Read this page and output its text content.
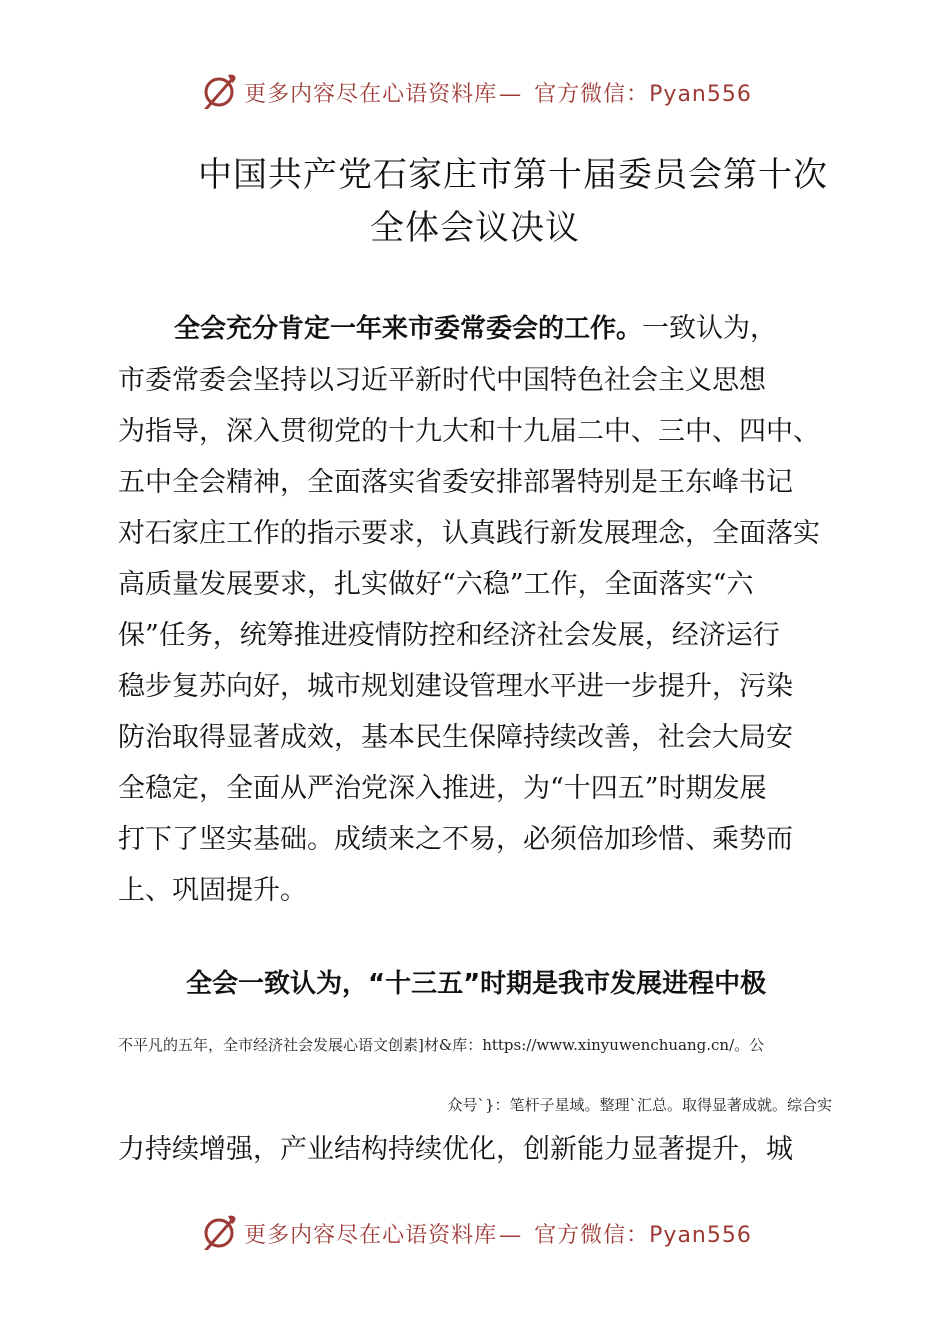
更多内容尽在心语资料库— 官方微信：Pyan556
中国共产党石家庄市第十届委员会第十次
全体会议决议
全会充分肯定一年来市委常委会的工作。一致认为，
市委常委会坚持以习近平新时代中国特色社会主义思想
为指导，深入贯彻党的十九大和十九届二中、三中、四中、
五中全会精神，全面落实省委安排部署特别是王东峰书记
对石家庄工作的指示要求，认真践行新发展理念，全面落实
高质量发展要求，扎实做好“六稳”工作，全面落实“六
保”任务，统筹推进疫情防控和经济社会发展，经济运行
稳步复苏向好，城市规划建设管理水平进一步提升，污染
防治取得显著成效，基本民生保障持续改善，社会大局安
全稳定，全面从严治党深入推进，为“十四五”时期发展
打下了坚实基础。成绩来之不易，必须倍加珍惜、乘势而
上、巩固提升。
全会一致认为，“十三五”时期是我市发展进程中极
不平凡的五年，全市经济社会发展心语文创素]材&库：https://www.xinyuwenchuang.cn/。公
众号`}：笔杆子星域。整理`汇总。取得显著成就。综合实
力持续增强，产业结构持续优化，创新能力显著提升，城
更多内容尽在心语资料库— 官方微信：Pyan556
